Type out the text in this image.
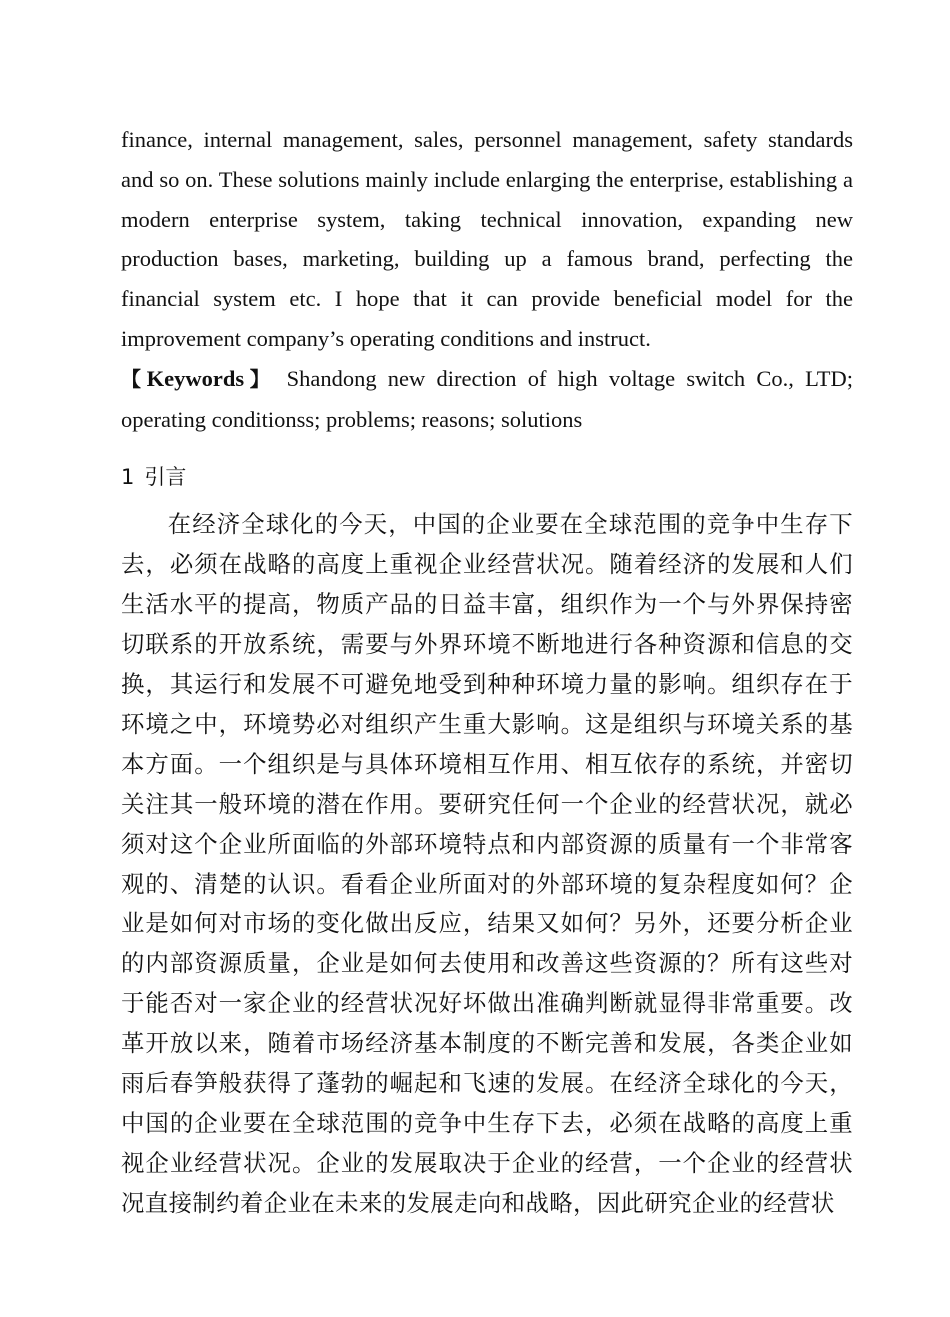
finance, internal management, sales, personnel management, safety standards and so on. These solutions mainly include enlarging the enterprise, establishing a modern enterprise system, taking technical innovation, expanding new production bases, marketing, building up a famous brand, perfecting the financial system etc. I hope that it can provide beneficial model for the improvement company’s operating conditions and instruct.

【Keywords】 Shandong new direction of high voltage switch Co., LTD; operating conditionss; problems; reasons; solutions

1 引言

在经济全球化的今天，中国的企业要在全球范围的竞争中生存下去，必须在战略的高度上重视企业经营状况。随着经济的发展和人们生活水平的提高，物质产品的日益丰富，组织作为一个与外界保持密切联系的开放系统，需要与外界环境不断地进行各种资源和信息的交换，其运行和发展不可避免地受到种种环境力量的影响。组织存在于环境之中，环境势必对组织产生重大影响。这是组织与环境关系的基本方面。一个组织是与具体环境相互作用、相互依存的系统，并密切关注其一般环境的潜在作用。要研究任何一个企业的经营状况，就必须对这个企业所面临的外部环境特点和内部资源的质量有一个非常客观的、清楚的认识。看看企业所面对的外部环境的复杂程度如何？企业是如何对市场的变化做出反应，结果又如何？另外，还要分析企业的内部资源质量，企业是如何去使用和改善这些资源的？所有这些对于能否对一家企业的经营状况好坏做出准确判断就显得非常重要。改革开放以来，随着市场经济基本制度的不断完善和发展，各类企业如雨后春笋般获得了蓬勃的崛起和飞速的发展。在经济全球化的今天，中国的企业要在全球范围的竞争中生存下去，必须在战略的高度上重视企业经营状况。企业的发展取决于企业的经营，一个企业的经营状况直接制约着企业在未来的发展走向和战略，因此研究企业的经营状
